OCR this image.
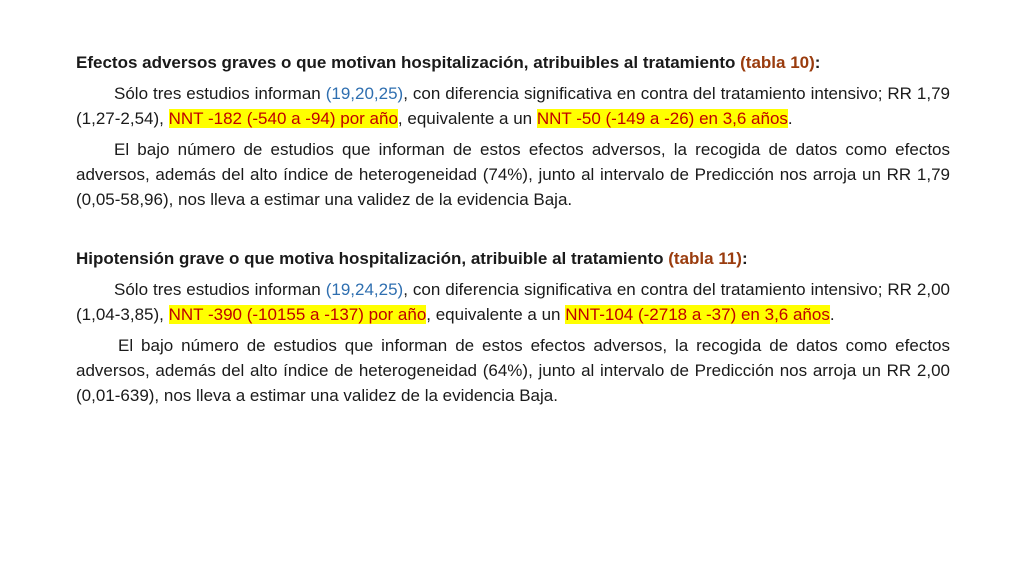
Efectos adversos graves o que motivan hospitalización, atribuibles al tratamiento (tabla 10):

Sólo tres estudios informan (19,20,25), con diferencia significativa en contra del tratamiento intensivo; RR 1,79 (1,27-2,54), NNT -182 (-540 a -94) por año, equivalente a un NNT -50 (-149 a -26) en 3,6 años.

El bajo número de estudios que informan de estos efectos adversos, la recogida de datos como efectos adversos, además del alto índice de heterogeneidad (74%), junto al intervalo de Predicción nos arroja un RR 1,79 (0,05-58,96), nos lleva a estimar una validez de la evidencia Baja.

Hipotensión grave o que motiva hospitalización, atribuible al tratamiento (tabla 11):

Sólo tres estudios informan (19,24,25), con diferencia significativa en contra del tratamiento intensivo; RR 2,00 (1,04-3,85), NNT -390 (-10155 a -137) por año, equivalente a un NNT-104 (-2718 a -37) en 3,6 años.

El bajo número de estudios que informan de estos efectos adversos, la recogida de datos como efectos adversos, además del alto índice de heterogeneidad (64%), junto al intervalo de Predicción nos arroja un RR 2,00 (0,01-639), nos lleva a estimar una validez de la evidencia Baja.
